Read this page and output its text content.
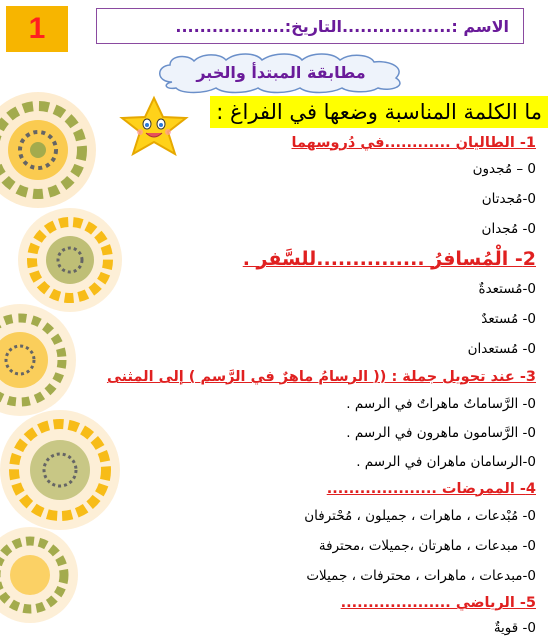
1	الاسم :..................التاريخ:..................
مطابقة المبتدأ والخبر
ما الكلمة المناسبة وضعها في الفراغ :
1- الطاليان ............في دُروسهما
0 – مُجدون
0-مُجدتان
0- مُجدان
2- الْمُسافرُ ...............للسَّفر .
0-مُستعدةٌ
0- مُستعدٌ
0- مُستعدان
3- عند تحويل جملة : (( الرسامُ ماهرٌ في الرَّسم ) إلى المثنى
0- الرَّساماتُ ماهراتٌ في الرسم .
0- الرَّسامون ماهرون في الرسم .
0-الرسامان ماهران في الرسم .
4- الممرضات ....................
0- مُبْدعات ، ماهرات ، جميلون ، مُحْترفان
0- مبدعات ، ماهرتان ،جميلات ،محترفة
0-مبدعات ، ماهرات ، محترفات ، جميلات
5- الرياضي ....................
0- قويةٌ
